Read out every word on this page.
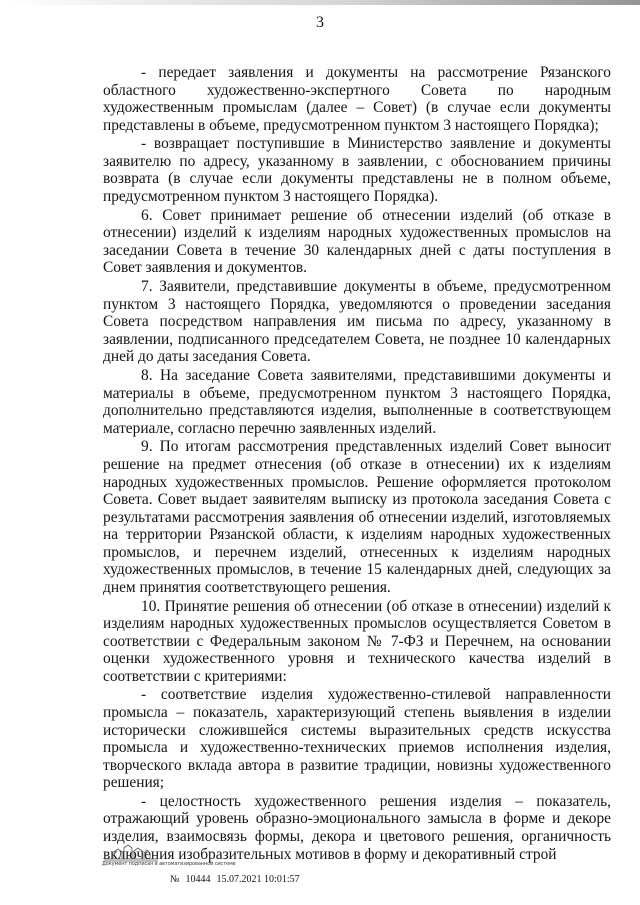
3

- передает заявления и документы на рассмотрение Рязанского областного художественно-экспертного Совета по народным художественным промыслам (далее – Совет) (в случае если документы представлены в объеме, предусмотренном пунктом 3 настоящего Порядка);

- возвращает поступившие в Министерство заявление и документы заявителю по адресу, указанному в заявлении, с обоснованием причины возврата (в случае если документы представлены не в полном объеме, предусмотренном пунктом 3 настоящего Порядка).

6. Совет принимает решение об отнесении изделий (об отказе в отнесении) изделий к изделиям народных художественных промыслов на заседании Совета в течение 30 календарных дней с даты поступления в Совет заявления и документов.

7. Заявители, представившие документы в объеме, предусмотренном пунктом 3 настоящего Порядка, уведомляются о проведении заседания Совета посредством направления им письма по адресу, указанному в заявлении, подписанного председателем Совета, не позднее 10 календарных дней до даты заседания Совета.

8. На заседание Совета заявителями, представившими документы и материалы в объеме, предусмотренном пунктом 3 настоящего Порядка, дополнительно представляются изделия, выполненные в соответствующем материале, согласно перечню заявленных изделий.

9. По итогам рассмотрения представленных изделий Совет выносит решение на предмет отнесения (об отказе в отнесении) их к изделиям народных художественных промыслов. Решение оформляется протоколом Совета. Совет выдает заявителям выписку из протокола заседания Совета с результатами рассмотрения заявления об отнесении изделий, изготовляемых на территории Рязанской области, к изделиям народных художественных промыслов, и перечнем изделий, отнесенных к изделиям народных художественных промыслов, в течение 15 календарных дней, следующих за днем принятия соответствующего решения.

10. Принятие решения об отнесении (об отказе в отнесении) изделий к изделиям народных художественных промыслов осуществляется Советом в соответствии с Федеральным законом № 7-ФЗ и Перечнем, на основании оценки художественного уровня и технического качества изделий в соответствии с критериями:

- соответствие изделия художественно-стилевой направленности промысла – показатель, характеризующий степень выявления в изделии исторически сложившейся системы выразительных средств искусства промысла и художественно-технических приемов исполнения изделия, творческого вклада автора в развитие традиции, новизны художественного решения;

- целостность художественного решения изделия – показатель, отражающий уровень образно-эмоционального замысла в форме и декоре изделия, взаимосвязь формы, декора и цветового решения, органичность включения изобразительных мотивов в форму и декоративный строй

Документ подписан в автоматизированной системе
№ 10444 15.07.2021 10:01:57
